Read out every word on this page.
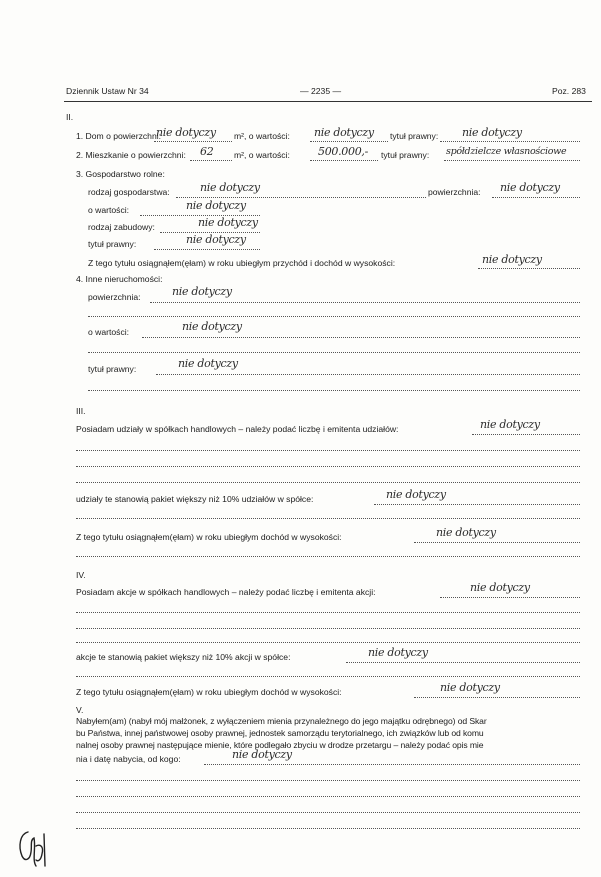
Dziennik Ustaw Nr 34	— 2235 —	Poz. 283
II.
1. Dom o powierzchni:
nie dotyczy m², o wartości: nie dotyczy tytuł prawny: nie dotyczy
2. Mieszkanie o powierzchni: 62 m², o wartości:	500.000,- tytuł prawny: spółdzielcze własnościowe
3. Gospodarstwo rolne:
rodzaj gospodarstwa:	nie dotyczy	powierzchnia: nie dotyczy
o wartości:	nie dotyczy
rodzaj zabudowy:	nie dotyczy
tytuł prawny:	nie dotyczy
Z tego tytułu osiągnąłem(ęłam) w roku ubiegłym przychód i dochód w wysokości:	nie dotyczy
4. Inne nieruchomości:
powierzchnia:	nie dotyczy
o wartości:	nie dotyczy
tytuł prawny:	nie dotyczy
III.
Posiadam udziały w spółkach handlowych – należy podać liczbę i emitenta udziałów:	nie dotyczy
udziały te stanowią pakiet większy niż 10% udziałów w spółce:	nie dotyczy
Z tego tytułu osiągnąłem(ęłam) w roku ubiegłym dochód w wysokości:	nie dotyczy
IV.
Posiadam akcje w spółkach handlowych – należy podać liczbę i emitenta akcji:	nie dotyczy
akcje te stanowią pakiet większy niż 10% akcji w spółce:	nie dotyczy
Z tego tytułu osiągnąłem(ęłam) w roku ubiegłym dochód w wysokości:	nie dotyczy
V.
Nabyłem(am) (nabył mój małżonek, z wyłączeniem mienia przynależnego do jego majątku odrębnego) od Skar
bu Państwa, innej państwowej osoby prawnej, jednostek samorządu terytorialnego, ich związków lub od komu
nalnej osoby prawnej następujące mienie, które podlegało zbyciu w drodze przetargu – należy podać opis mie
nia i datę nabycia, od kogo:	nie dotyczy
